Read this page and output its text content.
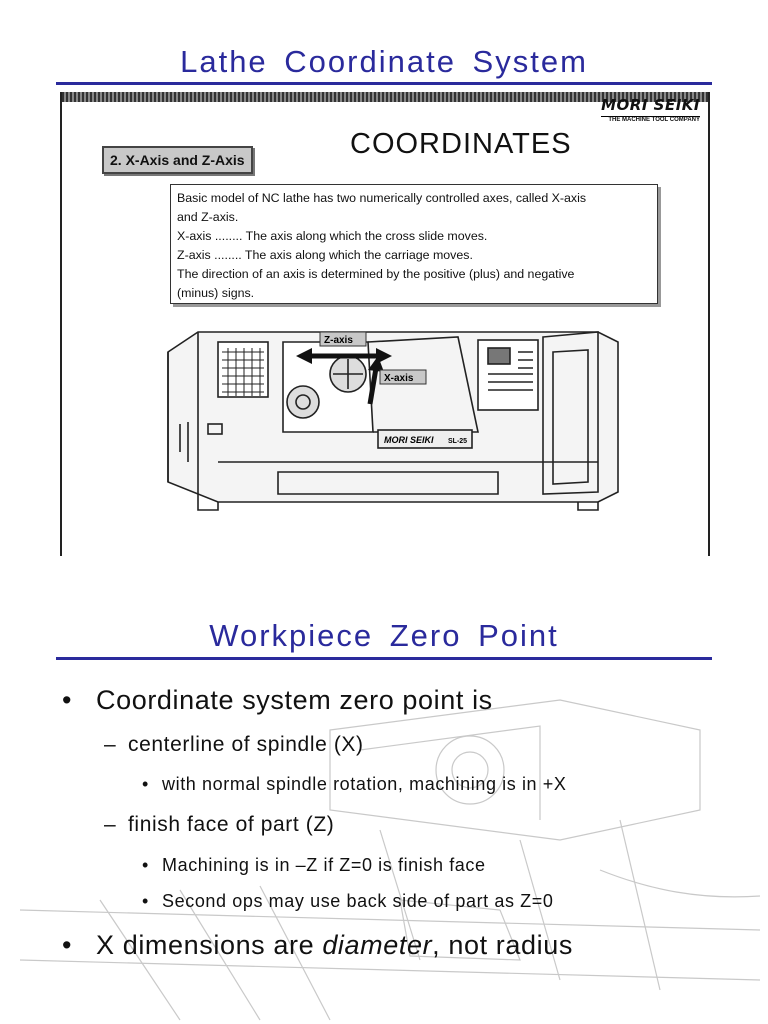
Lathe Coordinate System
MORI SEIKI
THE MACHINE TOOL COMPANY
COORDINATES
2. X-Axis and Z-Axis
Basic model of NC lathe has two numerically controlled axes, called X-axis
and Z-axis.
X-axis ........ The axis along which the cross slide moves.
Z-axis ........ The axis along which the carriage moves.
The direction of an axis is determined by the positive (plus) and negative
(minus) signs.
Z-axis
X-axis
MORI SEIKI SL-25
Workpiece Zero Point
• Coordinate system zero point is
– centerline of spindle (X)
• with normal spindle rotation, machining is in +X
– finish face of part (Z)
• Machining is in –Z if Z=0 is finish face
• Second ops may use back side of part as Z=0
• X dimensions are diameter, not radius
